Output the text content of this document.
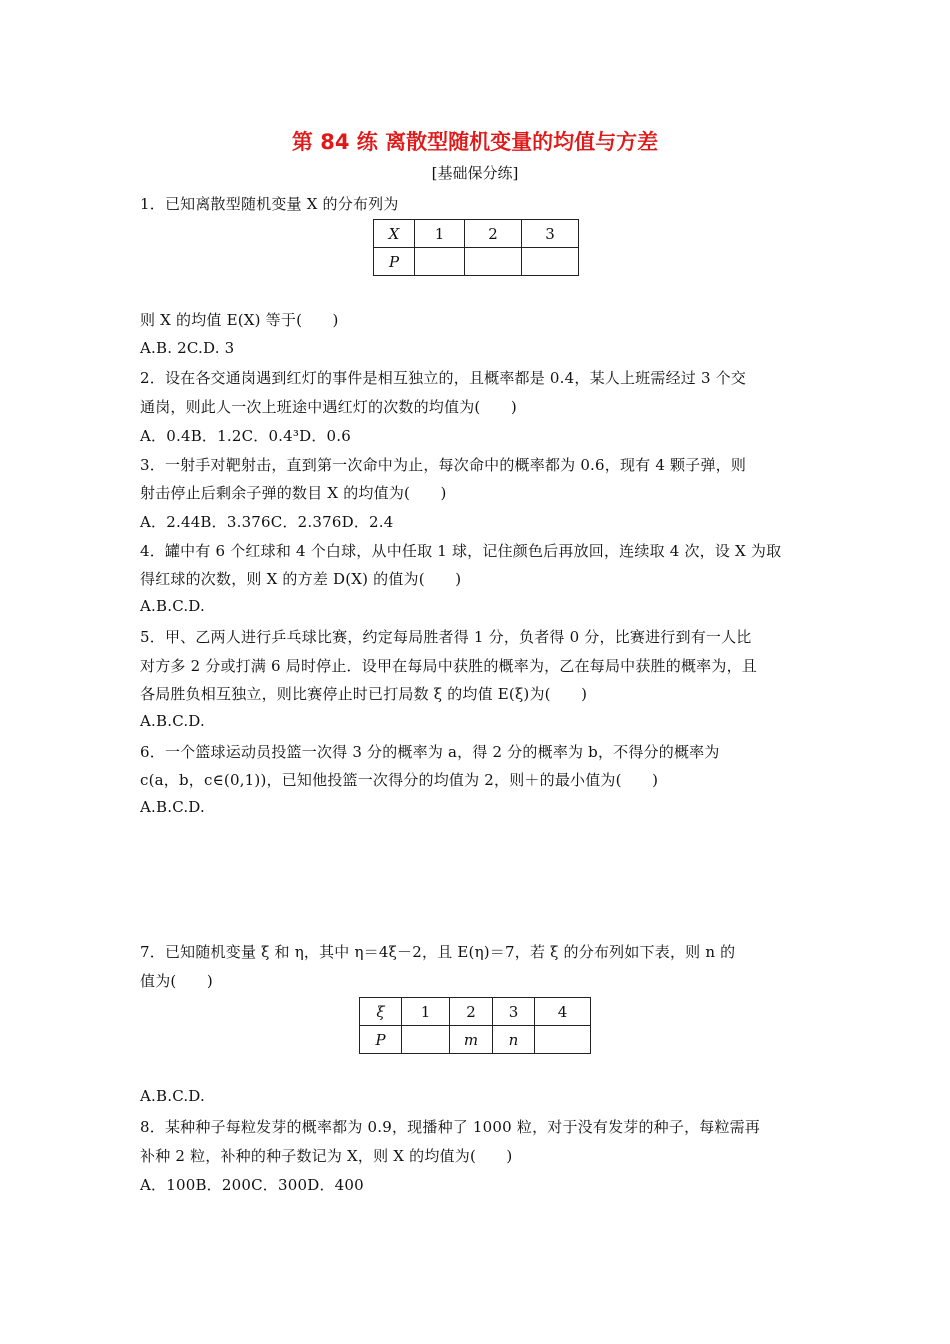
第 84 练 离散型随机变量的均值与方差
[基础保分练]
1．已知离散型随机变量 X 的分布列为
X	1	2	3
P			
则 X 的均值 E(X) 等于(　　)
A.B. 2C.D. 3
2．设在各交通岗遇到红灯的事件是相互独立的，且概率都是 0.4，某人上班需经过 3 个交
通岗，则此人一次上班途中遇红灯的次数的均值为(　　)
A．0.4B．1.2C．0.4³D．0.6
3．一射手对靶射击，直到第一次命中为止，每次命中的概率都为 0.6，现有 4 颗子弹，则
射击停止后剩余子弹的数目 X 的均值为(　　)
A．2.44B．3.376C．2.376D．2.4
4．罐中有 6 个红球和 4 个白球，从中任取 1 球，记住颜色后再放回，连续取 4 次，设 X 为取
得红球的次数，则 X 的方差 D(X) 的值为(　　)
A.B.C.D.
5．甲、乙两人进行乒乓球比赛，约定每局胜者得 1 分，负者得 0 分，比赛进行到有一人比
对方多 2 分或打满 6 局时停止．设甲在每局中获胜的概率为，乙在每局中获胜的概率为，且
各局胜负相互独立，则比赛停止时已打局数 ξ 的均值 E(ξ)为(　　)
A.B.C.D.
6．一个篮球运动员投篮一次得 3 分的概率为 a，得 2 分的概率为 b，不得分的概率为
c(a，b，c∈(0,1))，已知他投篮一次得分的均值为 2，则＋的最小值为(　　)
A.B.C.D.
7．已知随机变量 ξ 和 η，其中 η＝4ξ－2，且 E(η)＝7，若 ξ 的分布列如下表，则 n 的
值为(　　)
ξ	1	2	3	4
P		m	n	
A.B.C.D.
8．某种种子每粒发芽的概率都为 0.9，现播种了 1000 粒，对于没有发芽的种子，每粒需再
补种 2 粒，补种的种子数记为 X，则 X 的均值为(　　)
A．100B．200C．300D．400
